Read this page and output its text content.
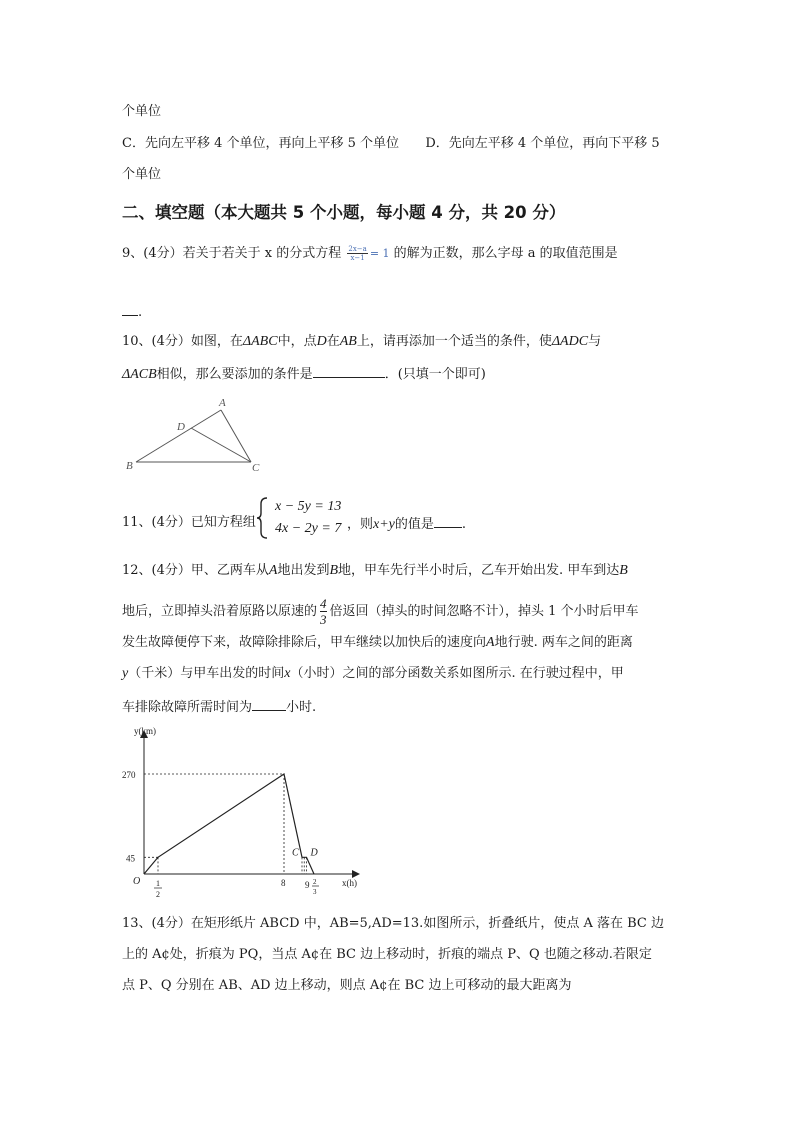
个单位
C．先向左平移 4 个单位，再向上平移 5 个单位 D．先向左平移 4 个单位，再向下平移 5
个单位
二、填空题（本大题共 5 个小题，每小题 4 分，共 20 分）
9、(4分）若关于若关于 x 的分式方程 $\frac{2x-a}{x-1} = 1$ 的解为正数，那么字母 a 的取值范围是
.
10、(4分）如图，在ΔABC中，点D在AB上，请再添加一个适当的条件，使ΔADC与
ΔACB相似，那么要添加的条件是	．(只填一个即可)
A
D
B	C
11、(4分）已知方程组
x − 5y = 13
4x − 2y = 7 ，则x+y的值是 .
12、(4分）甲、乙两车从A地出发到B地，甲车先行半小时后，乙车开始出发. 甲车到达B
地后，立即掉头沿着原路以原速的 $\frac{4}{3}$ 倍返回（掉头的时间忽略不计），掉头 1 个小时后甲车
发生故障便停下来，故障除排除后，甲车继续以加快后的速度向A地行驶. 两车之间的距离
y（千米）与甲车出发的时间x（小时）之间的部分函数关系如图所示. 在行驶过程中，甲
车排除故障所需时间为	小时.
y(km)
x(h)
O
270
45
1
2
8 9 2
3
C D
13、(4分）在矩形纸片 ABCD 中，AB=5,AD=13.如图所示，折叠纸片，使点 A 落在 BC 边
上的 A¢处，折痕为 PQ，当点 A¢在 BC 边上移动时，折痕的端点 P、Q 也随之移动.若限定
点 P、Q 分别在 AB、AD 边上移动，则点 A¢在 BC 边上可移动的最大距离为
